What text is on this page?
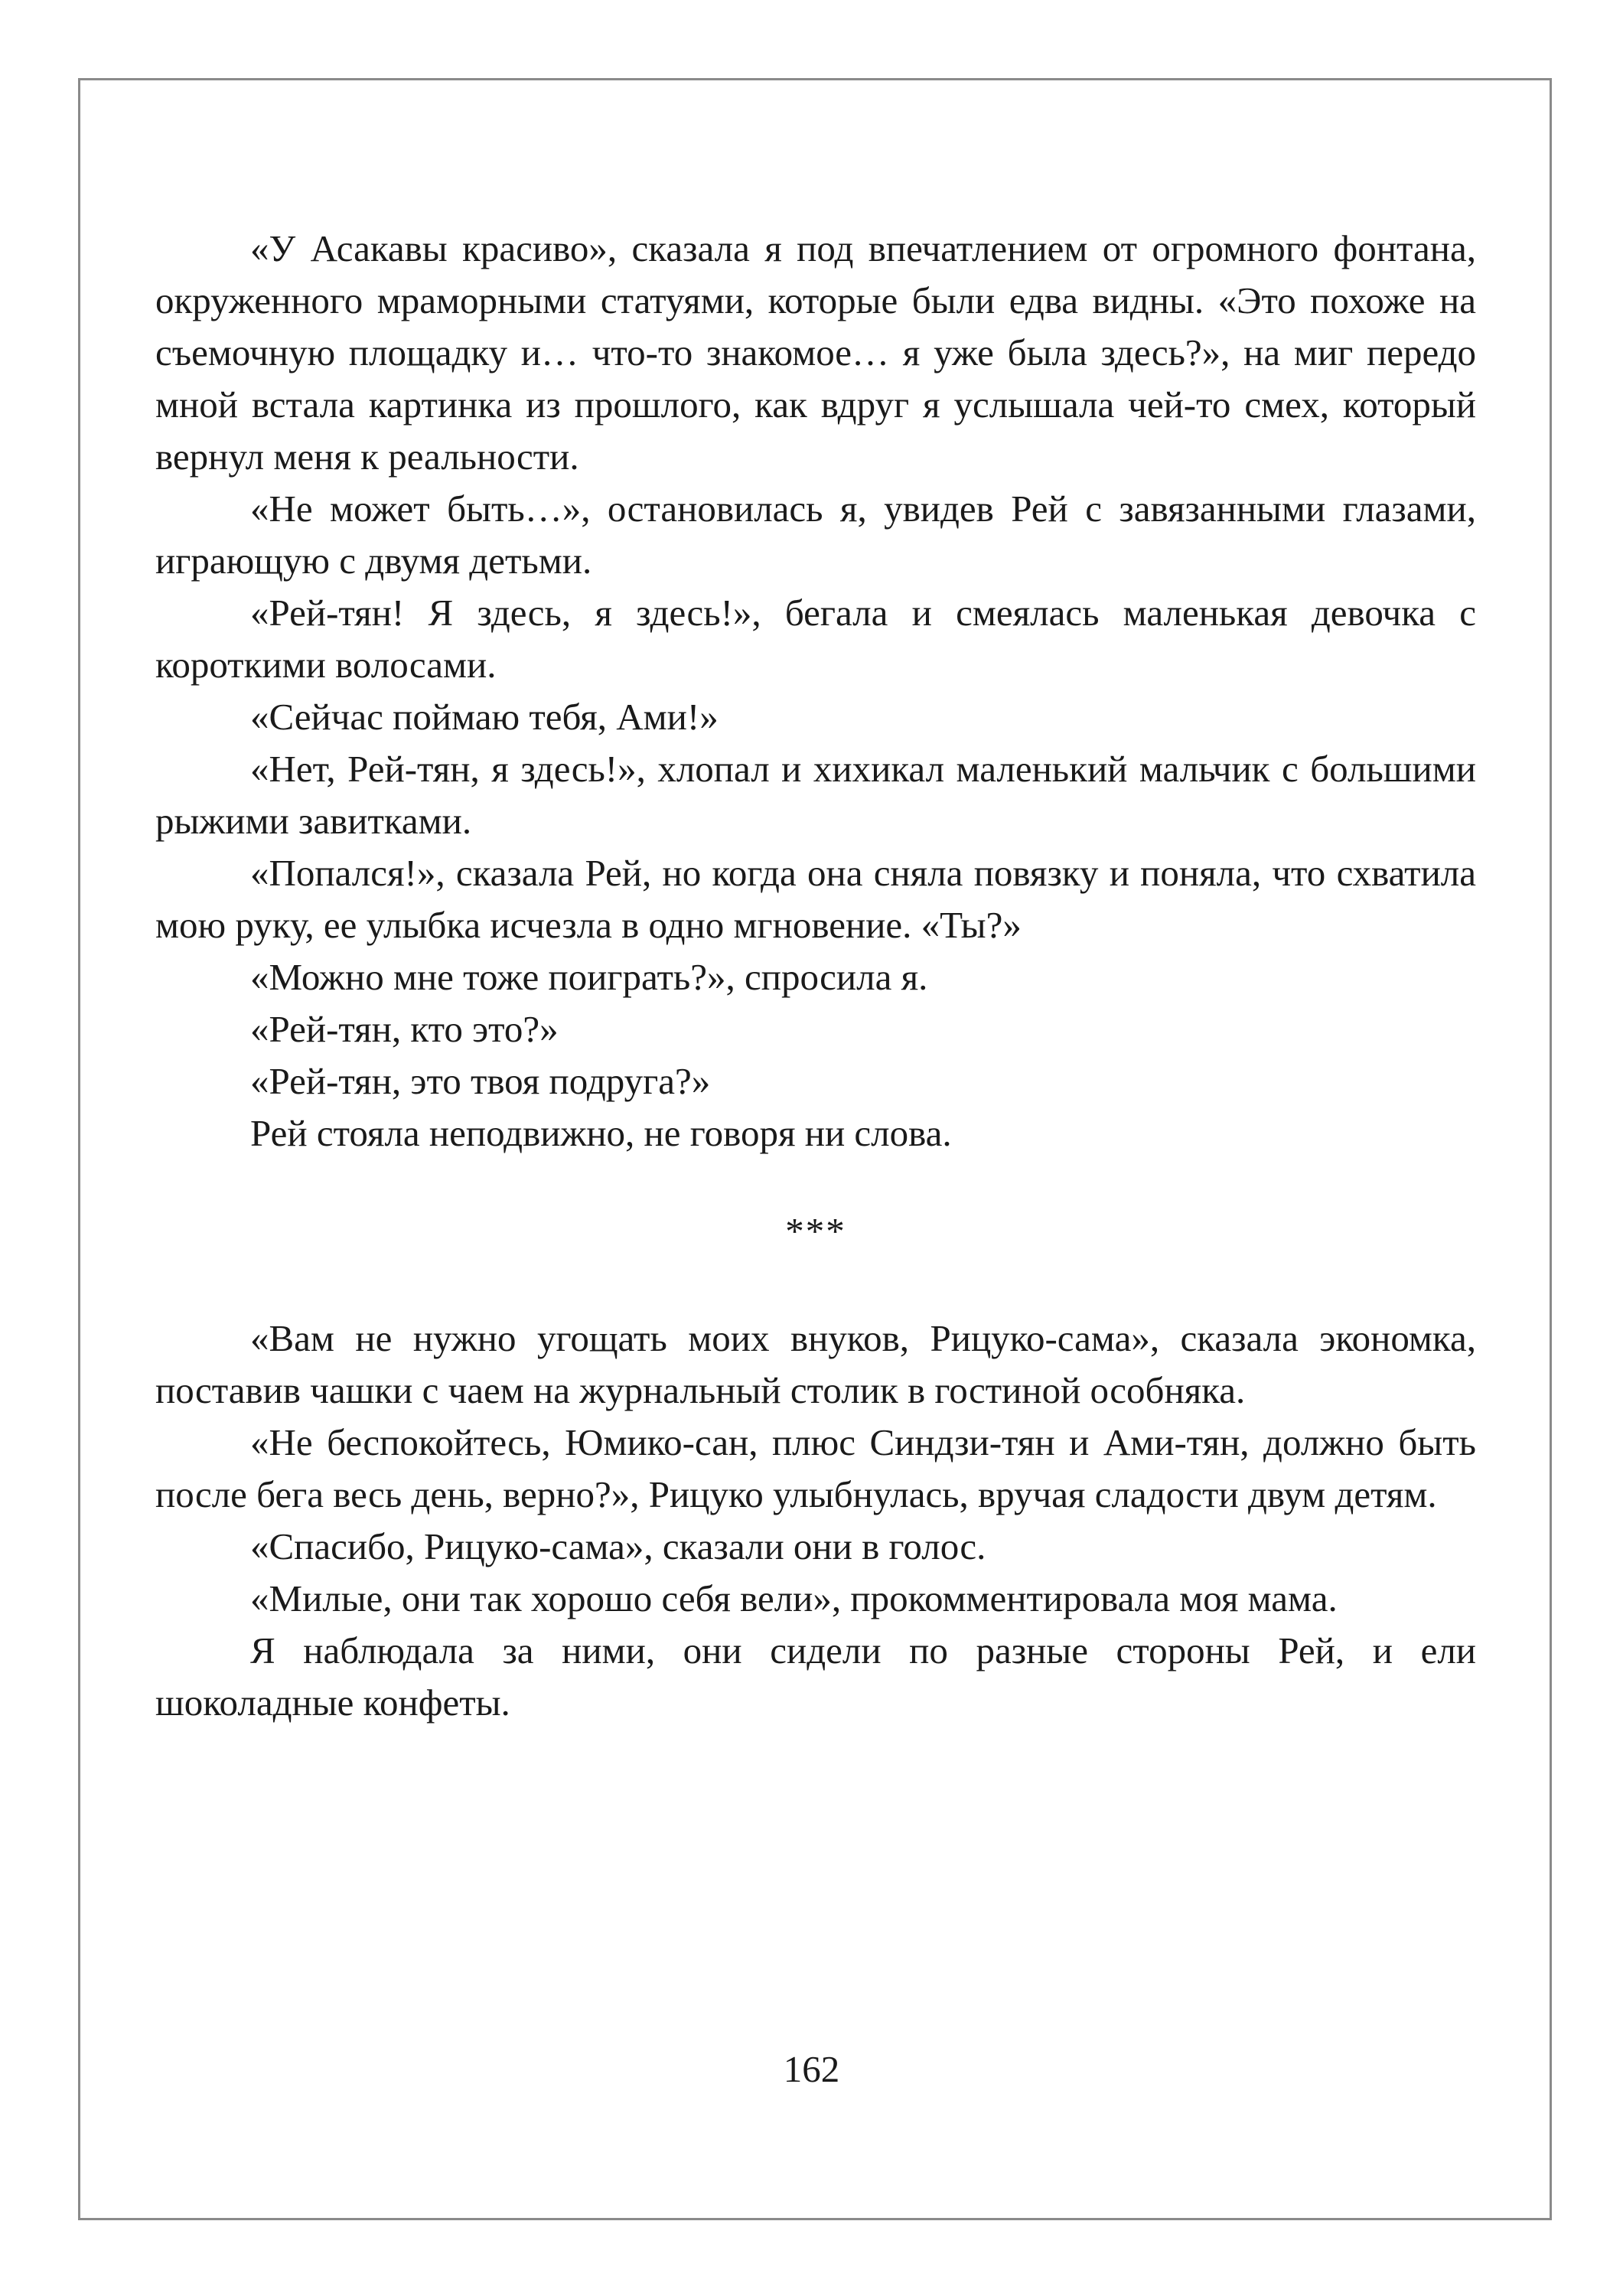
«У Асакавы красиво», сказала я под впечатлением от огромного фонтана, окруженного мраморными статуями, которые были едва видны. «Это похоже на съемочную площадку и… что-то знакомое… я уже была здесь?», на миг передо мной встала картинка из прошлого, как вдруг я услышала чей-то смех, который вернул меня к реальности.

«Не может быть…», остановилась я, увидев Рей с завязанными глазами, играющую с двумя детьми.

«Рей-тян! Я здесь, я здесь!», бегала и смеялась маленькая девочка с короткими волосами.

«Сейчас поймаю тебя, Ами!»

«Нет, Рей-тян, я здесь!», хлопал и хихикал маленький мальчик с большими рыжими завитками.

«Попался!», сказала Рей, но когда она сняла повязку и поняла, что схватила мою руку, ее улыбка исчезла в одно мгновение. «Ты?»

«Можно мне тоже поиграть?», спросила я.

«Рей-тян, кто это?»

«Рей-тян, это твоя подруга?»

Рей стояла неподвижно, не говоря ни слова.

***

«Вам не нужно угощать моих внуков, Рицуко-сама», сказала экономка, поставив чашки с чаем на журнальный столик в гостиной особняка.

«Не беспокойтесь, Юмико-сан, плюс Синдзи-тян и Ами-тян, должно быть после бега весь день, верно?», Рицуко улыбнулась, вручая сладости двум детям.

«Спасибо, Рицуко-сама», сказали они в голос.

«Милые, они так хорошо себя вели», прокомментировала моя мама.

Я наблюдала за ними, они сидели по разные стороны Рей, и ели шоколадные конфеты.

162
